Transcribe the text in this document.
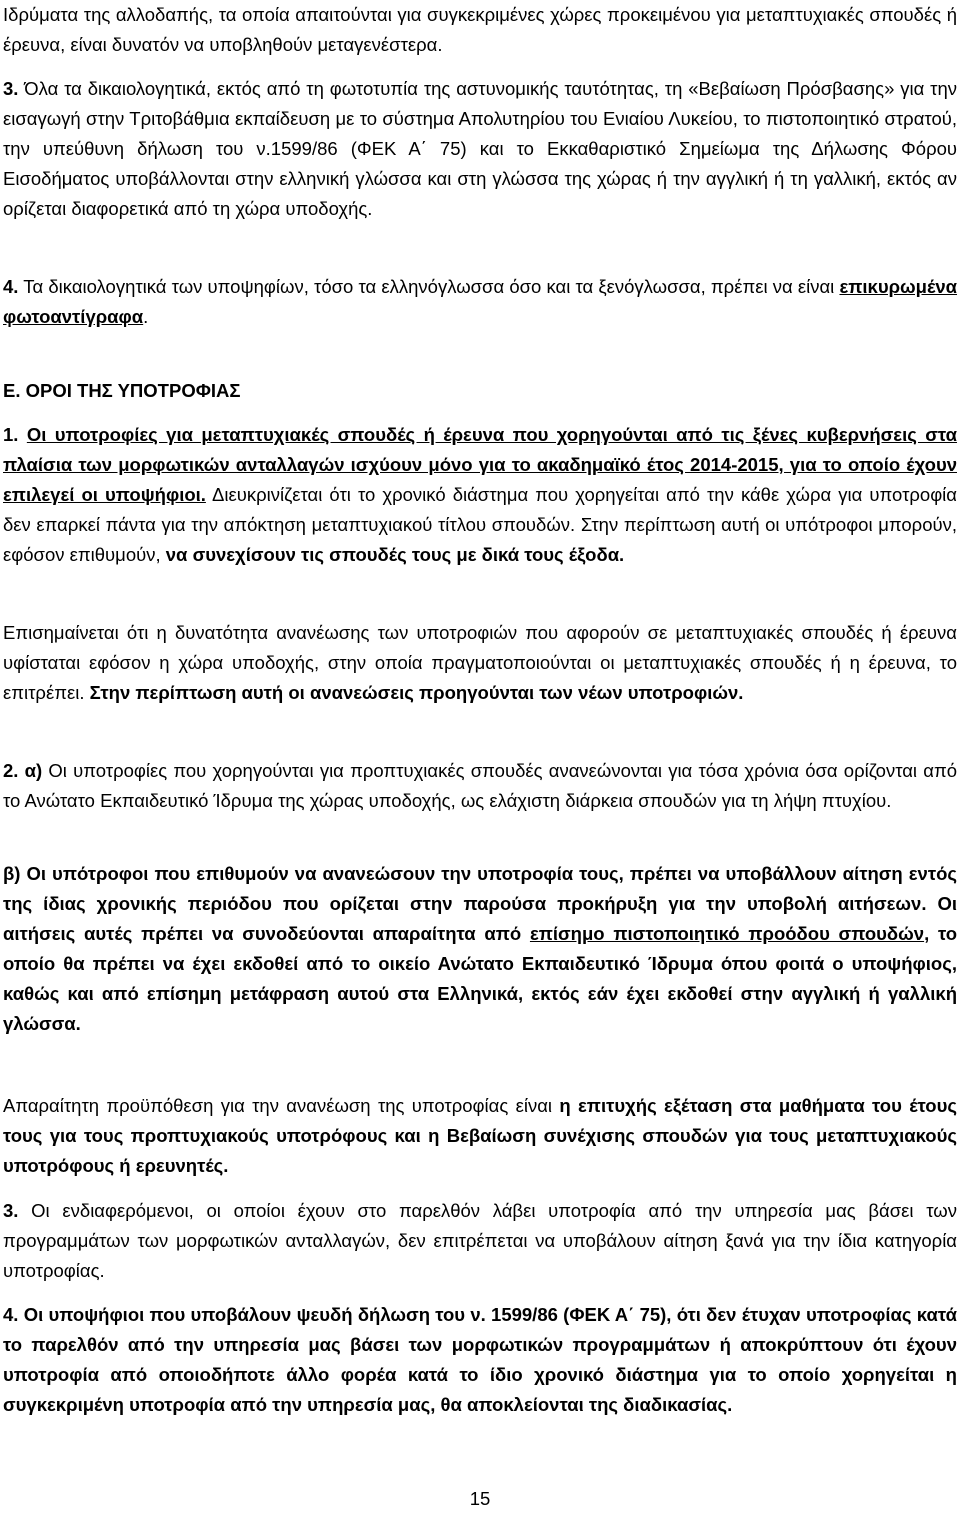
Ιδρύματα της αλλοδαπής, τα οποία απαιτούνται για συγκεκριμένες χώρες προκειμένου για μεταπτυχιακές σπουδές ή έρευνα, είναι δυνατόν να υποβληθούν μεταγενέστερα.

3. Όλα τα δικαιολογητικά, εκτός από τη φωτοτυπία της αστυνομικής ταυτότητας, τη «Βεβαίωση Πρόσβασης» για την εισαγωγή στην Τριτοβάθμια εκπαίδευση με το σύστημα Απολυτηρίου του Ενιαίου Λυκείου, το πιστοποιητικό στρατού, την υπεύθυνη δήλωση του ν.1599/86 (ΦΕΚ Α΄ 75) και το Εκκαθαριστικό Σημείωμα της Δήλωσης Φόρου Εισοδήματος υποβάλλονται στην ελληνική γλώσσα και στη γλώσσα της χώρας ή την αγγλική ή τη γαλλική, εκτός αν ορίζεται διαφορετικά από τη χώρα υποδοχής.

4. Τα δικαιολογητικά των υποψηφίων, τόσο τα ελληνόγλωσσα όσο και τα ξενόγλωσσα, πρέπει να είναι επικυρωμένα φωτοαντίγραφα.

Ε. ΟΡΟΙ ΤΗΣ ΥΠΟΤΡΟΦΙΑΣ

1. Οι υποτροφίες για μεταπτυχιακές σπουδές ή έρευνα που χορηγούνται από τις ξένες κυβερνήσεις στα πλαίσια των μορφωτικών ανταλλαγών ισχύουν μόνο για το ακαδημαϊκό έτος 2014-2015, για το οποίο έχουν επιλεγεί οι υποψήφιοι. Διευκρινίζεται ότι το χρονικό διάστημα που χορηγείται από την κάθε χώρα για υποτροφία δεν επαρκεί πάντα για την απόκτηση μεταπτυχιακού τίτλου σπουδών. Στην περίπτωση αυτή οι υπότροφοι μπορούν, εφόσον επιθυμούν, να συνεχίσουν τις σπουδές τους με δικά τους έξοδα.

Επισημαίνεται ότι η δυνατότητα ανανέωσης των υποτροφιών που αφορούν σε μεταπτυχιακές σπουδές ή έρευνα υφίσταται εφόσον η χώρα υποδοχής, στην οποία πραγματοποιούνται οι μεταπτυχιακές σπουδές ή η έρευνα, το επιτρέπει. Στην περίπτωση αυτή οι ανανεώσεις προηγούνται των νέων υποτροφιών.

2. α) Οι υποτροφίες που χορηγούνται για προπτυχιακές σπουδές ανανεώνονται για τόσα χρόνια όσα ορίζονται από το Ανώτατο Εκπαιδευτικό Ίδρυμα της χώρας υποδοχής, ως ελάχιστη διάρκεια σπουδών για τη λήψη πτυχίου.

β) Οι υπότροφοι που επιθυμούν να ανανεώσουν την υποτροφία τους, πρέπει να υποβάλλουν αίτηση εντός της ίδιας χρονικής περιόδου που ορίζεται στην παρούσα προκήρυξη για την υποβολή αιτήσεων. Οι αιτήσεις αυτές πρέπει να συνοδεύονται απαραίτητα από επίσημο πιστοποιητικό προόδου σπουδών, το οποίο θα πρέπει να έχει εκδοθεί από το οικείο Ανώτατο Εκπαιδευτικό Ίδρυμα όπου φοιτά ο υποψήφιος, καθώς και από επίσημη μετάφραση αυτού στα Ελληνικά, εκτός εάν έχει εκδοθεί στην αγγλική ή γαλλική γλώσσα.

Απαραίτητη προϋπόθεση για την ανανέωση της υποτροφίας είναι η επιτυχής εξέταση στα μαθήματα του έτους τους για τους προπτυχιακούς υποτρόφους και η Βεβαίωση συνέχισης σπουδών για τους μεταπτυχιακούς υποτρόφους ή ερευνητές.

3. Οι ενδιαφερόμενοι, οι οποίοι έχουν στο παρελθόν λάβει υποτροφία από την υπηρεσία μας βάσει των προγραμμάτων των μορφωτικών ανταλλαγών, δεν επιτρέπεται να υποβάλουν αίτηση ξανά για την ίδια κατηγορία υποτροφίας.

4. Οι υποψήφιοι που υποβάλουν ψευδή δήλωση του ν. 1599/86 (ΦΕΚ Α΄ 75), ότι δεν έτυχαν υποτροφίας κατά το παρελθόν από την υπηρεσία μας βάσει των μορφωτικών προγραμμάτων ή αποκρύπτουν ότι έχουν υποτροφία από οποιοδήποτε άλλο φορέα κατά το ίδιο χρονικό διάστημα για το οποίο χορηγείται η συγκεκριμένη υποτροφία από την υπηρεσία μας, θα αποκλείονται της διαδικασίας.

15
